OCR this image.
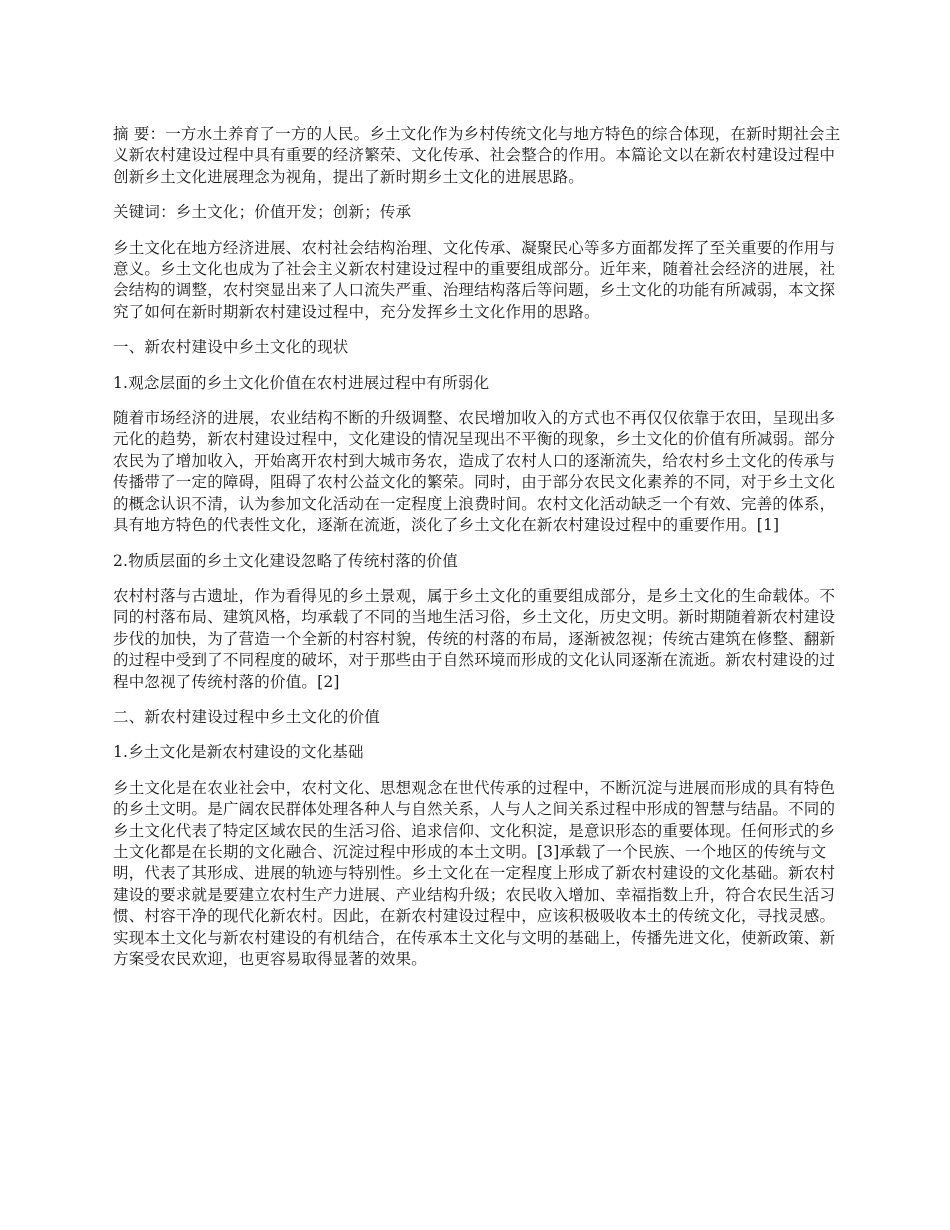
摘 要：一方水土养育了一方的人民。乡土文化作为乡村传统文化与地方特色的综合体现，在新时期社会主义新农村建设过程中具有重要的经济繁荣、文化传承、社会整合的作用。本篇论文以在新农村建设过程中创新乡土文化进展理念为视角，提出了新时期乡土文化的进展思路。

关键词：乡土文化；价值开发；创新；传承

乡土文化在地方经济进展、农村社会结构治理、文化传承、凝聚民心等多方面都发挥了至关重要的作用与意义。乡土文化也成为了社会主义新农村建设过程中的重要组成部分。近年来，随着社会经济的进展，社会结构的调整，农村突显出来了人口流失严重、治理结构落后等问题，乡土文化的功能有所减弱，本文探究了如何在新时期新农村建设过程中，充分发挥乡土文化作用的思路。

一、新农村建设中乡土文化的现状

1.观念层面的乡土文化价值在农村进展过程中有所弱化

随着市场经济的进展，农业结构不断的升级调整、农民增加收入的方式也不再仅仅依靠于农田，呈现出多元化的趋势，新农村建设过程中，文化建设的情况呈现出不平衡的现象，乡土文化的价值有所减弱。部分农民为了增加收入，开始离开农村到大城市务农，造成了农村人口的逐渐流失，给农村乡土文化的传承与传播带了一定的障碍，阻碍了农村公益文化的繁荣。同时，由于部分农民文化素养的不同，对于乡土文化的概念认识不清，认为参加文化活动在一定程度上浪费时间。农村文化活动缺乏一个有效、完善的体系，具有地方特色的代表性文化，逐渐在流逝，淡化了乡土文化在新农村建设过程中的重要作用。[1]

2.物质层面的乡土文化建设忽略了传统村落的价值

农村村落与古遗址，作为看得见的乡土景观，属于乡土文化的重要组成部分，是乡土文化的生命载体。不同的村落布局、建筑风格，均承载了不同的当地生活习俗，乡土文化，历史文明。新时期随着新农村建设步伐的加快，为了营造一个全新的村容村貌，传统的村落的布局，逐渐被忽视；传统古建筑在修整、翻新的过程中受到了不同程度的破坏，对于那些由于自然环境而形成的文化认同逐渐在流逝。新农村建设的过程中忽视了传统村落的价值。[2]

二、新农村建设过程中乡土文化的价值

1.乡土文化是新农村建设的文化基础

乡土文化是在农业社会中，农村文化、思想观念在世代传承的过程中，不断沉淀与进展而形成的具有特色的乡土文明。是广阔农民群体处理各种人与自然关系，人与人之间关系过程中形成的智慧与结晶。不同的乡土文化代表了特定区域农民的生活习俗、追求信仰、文化积淀，是意识形态的重要体现。任何形式的乡土文化都是在长期的文化融合、沉淀过程中形成的本土文明。[3]承载了一个民族、一个地区的传统与文明，代表了其形成、进展的轨迹与特别性。乡土文化在一定程度上形成了新农村建设的文化基础。新农村建设的要求就是要建立农村生产力进展、产业结构升级；农民收入增加、幸福指数上升，符合农民生活习惯、村容干净的现代化新农村。因此，在新农村建设过程中，应该积极吸收本土的传统文化，寻找灵感。实现本土文化与新农村建设的有机结合，在传承本土文化与文明的基础上，传播先进文化，使新政策、新方案受农民欢迎，也更容易取得显著的效果。
